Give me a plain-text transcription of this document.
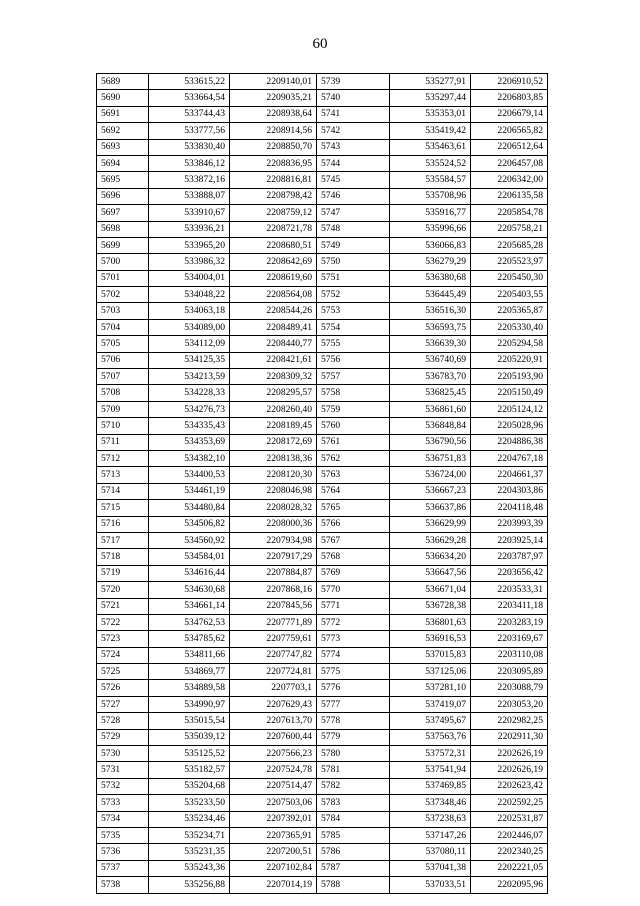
60
5689	533615,22	2209140,01	5739	535277,91	2206910,52
5690	533664,54	2209035,21	5740	535297,44	2206803,85
5691	533744,43	2208938,64	5741	535353,01	2206679,14
5692	533777,56	2208914,56	5742	535419,42	2206565,82
5693	533830,40	2208850,70	5743	535463,61	2206512,64
5694	533846,12	2208836,95	5744	535524,52	2206457,08
5695	533872,16	2208816,81	5745	535584,57	2206342,00
5696	533888,07	2208798,42	5746	535708,96	2206135,58
5697	533910,67	2208759,12	5747	535916,77	2205854,78
5698	533936,21	2208721,78	5748	535996,66	2205758,21
5699	533965,20	2208680,51	5749	536066,83	2205685,28
5700	533986,32	2208642,69	5750	536279,29	2205523,97
5701	534004,01	2208619,60	5751	536380,68	2205450,30
5702	534048,22	2208564,08	5752	536445,49	2205403,55
5703	534063,18	2208544,26	5753	536516,30	2205365,87
5704	534089,00	2208489,41	5754	536593,75	2205330,40
5705	534112,09	2208440,77	5755	536639,30	2205294,58
5706	534125,35	2208421,61	5756	536740,69	2205220,91
5707	534213,59	2208309,32	5757	536783,70	2205193,90
5708	534228,33	2208295,57	5758	536825,45	2205150,49
5709	534276,73	2208260,40	5759	536861,60	2205124,12
5710	534335,43	2208189,45	5760	536848,84	2205028,96
5711	534353,69	2208172,69	5761	536790,56	2204886,38
5712	534382,10	2208138,36	5762	536751,83	2204767,18
5713	534400,53	2208120,30	5763	536724,00	2204661,37
5714	534461,19	2208046,98	5764	536667,23	2204303,86
5715	534480,84	2208028,32	5765	536637,86	2204118,48
5716	534506,82	2208000,36	5766	536629,99	2203993,39
5717	534560,92	2207934,98	5767	536629,28	2203925,14
5718	534584,01	2207917,29	5768	536634,20	2203787,97
5719	534616,44	2207884,87	5769	536647,56	2203656,42
5720	534630,68	2207868,16	5770	536671,04	2203533,31
5721	534661,14	2207845,56	5771	536728,38	2203411,18
5722	534762,53	2207771,89	5772	536801,63	2203283,19
5723	534785,62	2207759,61	5773	536916,53	2203169,67
5724	534811,66	2207747,82	5774	537015,83	2203110,08
5725	534869,77	2207724,81	5775	537125,06	2203095,89
5726	534889,58	2207703,1	5776	537281,10	2203088,79
5727	534990,97	2207629,43	5777	537419,07	2203053,20
5728	535015,54	2207613,70	5778	537495,67	2202982,25
5729	535039,12	2207600,44	5779	537563,76	2202911,30
5730	535125,52	2207566,23	5780	537572,31	2202626,19
5731	535182,57	2207524,78	5781	537541,94	2202626,19
5732	535204,68	2207514,47	5782	537469,85	2202623,42
5733	535233,50	2207503,06	5783	537348,46	2202592,25
5734	535234,46	2207392,01	5784	537238,63	2202531,87
5735	535234,71	2207365,91	5785	537147,26	2202446,07
5736	535231,35	2207200,51	5786	537080,11	2202340,25
5737	535243,36	2207102,84	5787	537041,38	2202221,05
5738	535256,88	2207014,19	5788	537033,51	2202095,96
